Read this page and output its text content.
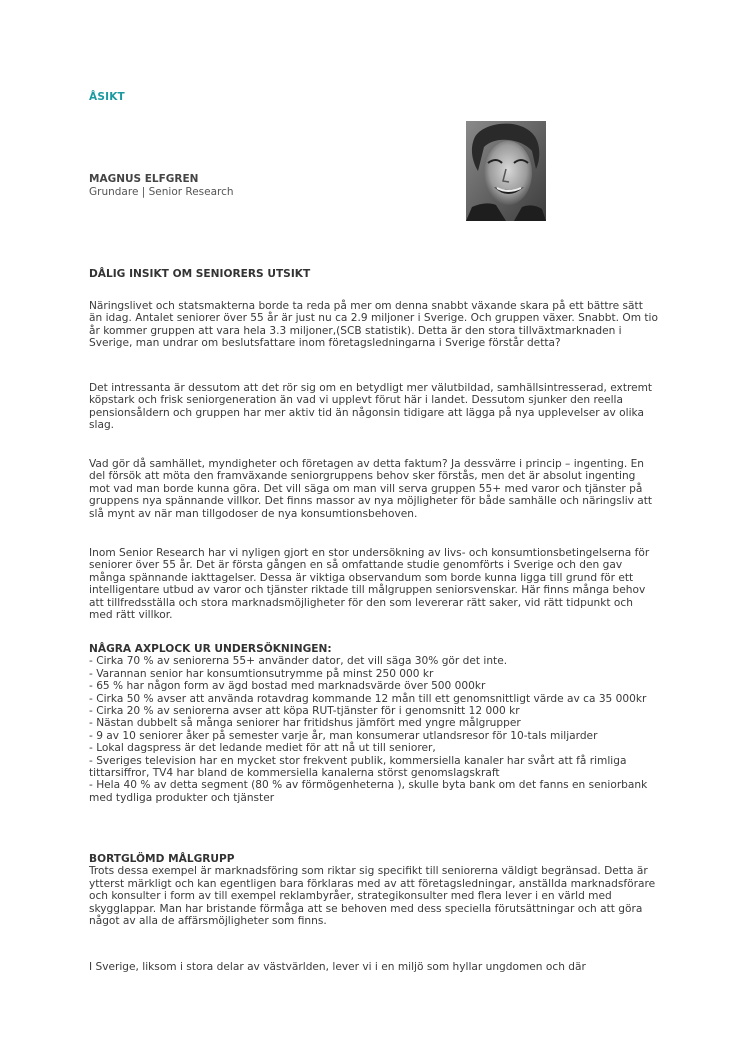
ÅSIKT
MAGNUS ELFGREN
Grundare | Senior Research
DÅLIG INSIKT OM SENIORERS UTSIKT

Näringslivet och statsmakterna borde ta reda på mer om denna snabbt växande skara på ett bättre sätt än idag. Antalet seniorer över 55 år är just nu ca 2.9 miljoner i Sverige. Och gruppen växer. Snabbt. Om tio år kommer gruppen att vara hela 3.3 miljoner,(SCB statistik). Detta är den stora tillväxtmarknaden i Sverige, man undrar om beslutsfattare inom företagsledningarna i Sverige förstår detta?

Det intressanta är dessutom att det rör sig om en betydligt mer välutbildad, samhällsintresserad, extremt köpstark och frisk seniorgeneration än vad vi upplevt förut här i landet. Dessutom sjunker den reella pensionsåldern och gruppen har mer aktiv tid än någonsin tidigare att lägga på nya upplevelser av olika slag.

Vad gör då samhället, myndigheter och företagen av detta faktum? Ja dessvärre i princip – ingenting. En del försök att möta den framväxande seniorgruppens behov sker förstås, men det är absolut ingenting mot vad man borde kunna göra. Det vill säga om man vill serva gruppen 55+ med varor och tjänster på gruppens nya spännande villkor. Det finns massor av nya möjligheter för både samhälle och näringsliv att slå mynt av när man tillgodoser de nya konsumtionsbehoven.

Inom Senior Research har vi nyligen gjort en stor undersökning av livs- och konsumtionsbetingelserna för seniorer över 55 år. Det är första gången en så omfattande studie genomförts i Sverige och den gav många spännande iakttagelser. Dessa är viktiga observandum som borde kunna ligga till grund för ett intelligentare utbud av varor och tjänster riktade till målgruppen seniorsvenskar. Här finns många behov att tillfredsställa och stora marknadsmöjligheter för den som levererar rätt saker, vid rätt tidpunkt och med rätt villkor.

NÅGRA AXPLOCK UR UNDERSÖKNINGEN:

- Cirka 70 % av seniorerna 55+ använder dator, det vill säga 30% gör det inte.

- Varannan senior har konsumtionsutrymme på minst 250 000 kr

- 65 % har någon form av ägd bostad med marknadsvärde över 500 000kr

- Cirka 50 % avser att använda rotavdrag kommande 12 mån till ett genomsnittligt värde av ca 35 000kr

- Cirka 20 % av seniorerna avser att köpa RUT-tjänster för i genomsnitt 12 000 kr

- Nästan dubbelt så många seniorer har fritidshus jämfört med yngre målgrupper

- 9 av 10 seniorer åker på semester varje år, man konsumerar utlandsresor för 10-tals miljarder

- Lokal dagspress är det ledande mediet för att nå ut till seniorer,

- Sveriges television har en mycket stor frekvent publik, kommersiella kanaler har svårt att få rimliga tittarsiffror, TV4 har bland de kommersiella kanalerna störst genomslagskraft

- Hela 40 % av detta segment (80 % av förmögenheterna ), skulle byta bank om det fanns en seniorbank med tydliga produkter och tjänster

BORTGLÖMD MÅLGRUPP

Trots dessa exempel är marknadsföring som riktar sig specifikt till seniorerna väldigt begränsad. Detta är ytterst märkligt och kan egentligen bara förklaras med av att företagsledningar, anställda marknadsförare och konsulter i form av till exempel reklambyråer, strategikonsulter med flera lever i en värld med skygglappar. Man har bristande förmåga att se behoven med dess speciella förutsättningar och att göra något av alla de affärsmöjligheter som finns.

I Sverige, liksom i stora delar av västvärlden, lever vi i en miljö som hyllar ungdomen och där
